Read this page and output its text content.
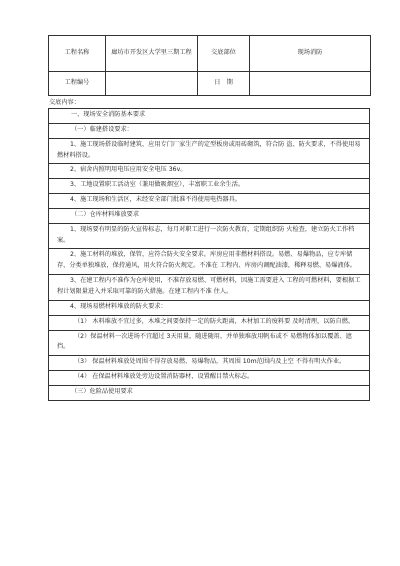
工程名称	廊坊市开发区大学里三期工程	交底部位	现场消防
工程编号		日　期	
交底内容：
一、现场安全消防基本要求
（一）临建搭设要求：
1、施工现场搭设临时建筑，应用专门厂家生产的定型板房或用砖砌筑，符合防 盗、防火要求，不得使用易燃材料搭设。
2、宿舍内照明用电压应用安全电压 36v。
3、工地设置职工活动室（兼用做吸烟室），丰富职工业余生活。
4、施工现场和生活区，未经安全部门批准不得使用电热器具。
（二）仓库材料堆放要求
1、现场要有明显的防火宣传标志，每月对职工进行一次防火教育，定期组织防 火检查，建立防火工作档案。
2、施工材料的堆放，保管，应符合防火安全要求，库房应用非燃材料搭设。易燃、易爆物品，应专库储存，分类单独堆放，保持通风，用火符合防火规定。不准在 工程内、库房内调配油漆，稀释易燃、易爆液体。
3、在建工程内不准作为仓库使用，不准存放易燃、可燃材料，因施工需要进入 工程的可燃材料，要根据工程计划限量进入并采取可靠的防火措施。在建工程内不准 住人。
4、现场易燃材料堆放的防火要求：
（1） 木料堆放不宜过多，木堆之间要保持一定的防火距离，木材加工的废料要 及时清理，以防自燃。
（2）保温材料一次进场不宜超过 3天用量，随进随用，并单独堆放用帆布或不 易燃物体加以覆盖、遮挡。
（3） 保温材料堆放处周围不得存放易燃、易爆物品，其周围 10m范围内及上空 不得有明火作业。
（4） 在保温材料堆放处旁边设置消防器材，设置醒目禁火标志。
（三）危险品使用要求
